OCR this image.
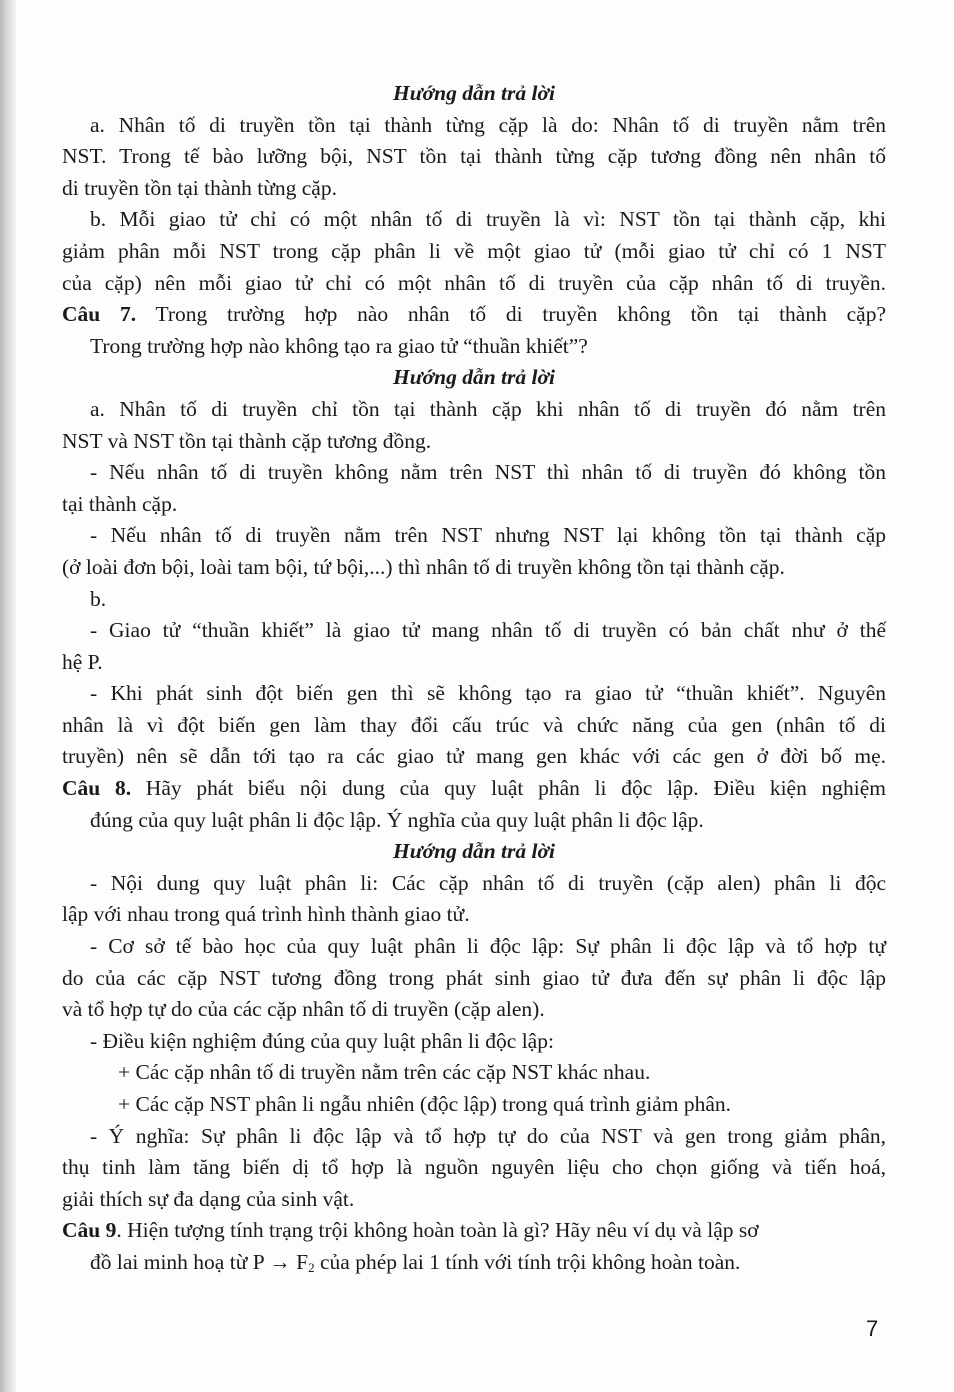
Hướng dẫn trả lời
a. Nhân tố di truyền tồn tại thành từng cặp là do: Nhân tố di truyền nằm trên
NST. Trong tế bào lưỡng bội, NST tồn tại thành từng cặp tương đồng nên nhân tố
di truyền tồn tại thành từng cặp.
b. Mỗi giao tử chỉ có một nhân tố di truyền là vì: NST tồn tại thành cặp, khi
giảm phân mỗi NST trong cặp phân li về một giao tử (mỗi giao tử chỉ có 1 NST
của cặp) nên mỗi giao tử chỉ có một nhân tố di truyền của cặp nhân tố di truyền.
Câu 7. Trong trường hợp nào nhân tố di truyền không tồn tại thành cặp?
Trong trường hợp nào không tạo ra giao tử “thuần khiết”?
Hướng dẫn trả lời
a. Nhân tố di truyền chỉ tồn tại thành cặp khi nhân tố di truyền đó nằm trên
NST và NST tồn tại thành cặp tương đồng.
- Nếu nhân tố di truyền không nằm trên NST thì nhân tố di truyền đó không tồn
tại thành cặp.
- Nếu nhân tố di truyền nằm trên NST nhưng NST lại không tồn tại thành cặp
(ở loài đơn bội, loài tam bội, tứ bội,...) thì nhân tố di truyền không tồn tại thành cặp.
b.
- Giao tử “thuần khiết” là giao tử mang nhân tố di truyền có bản chất như ở thế
hệ P.
- Khi phát sinh đột biến gen thì sẽ không tạo ra giao tử “thuần khiết”. Nguyên
nhân là vì đột biến gen làm thay đổi cấu trúc và chức năng của gen (nhân tố di
truyền) nên sẽ dẫn tới tạo ra các giao tử mang gen khác với các gen ở đời bố mẹ.
Câu 8. Hãy phát biểu nội dung của quy luật phân li độc lập. Điều kiện nghiệm
đúng của quy luật phân li độc lập. Ý nghĩa của quy luật phân li độc lập.
Hướng dẫn trả lời
- Nội dung quy luật phân li: Các cặp nhân tố di truyền (cặp alen) phân li độc
lập với nhau trong quá trình hình thành giao tử.
- Cơ sở tế bào học của quy luật phân li độc lập: Sự phân li độc lập và tổ hợp tự
do của các cặp NST tương đồng trong phát sinh giao tử đưa đến sự phân li độc lập
và tổ hợp tự do của các cặp nhân tố di truyền (cặp alen).
- Điều kiện nghiệm đúng của quy luật phân li độc lập:
+ Các cặp nhân tố di truyền nằm trên các cặp NST khác nhau.
+ Các cặp NST phân li ngẫu nhiên (độc lập) trong quá trình giảm phân.
- Ý nghĩa: Sự phân li độc lập và tổ hợp tự do của NST và gen trong giảm phân,
thụ tinh làm tăng biến dị tổ hợp là nguồn nguyên liệu cho chọn giống và tiến hoá,
giải thích sự đa dạng của sinh vật.
Câu 9. Hiện tượng tính trạng trội không hoàn toàn là gì? Hãy nêu ví dụ và lập sơ
đồ lai minh hoạ từ $P \to F_2$ của phép lai 1 tính với tính trội không hoàn toàn.
7
